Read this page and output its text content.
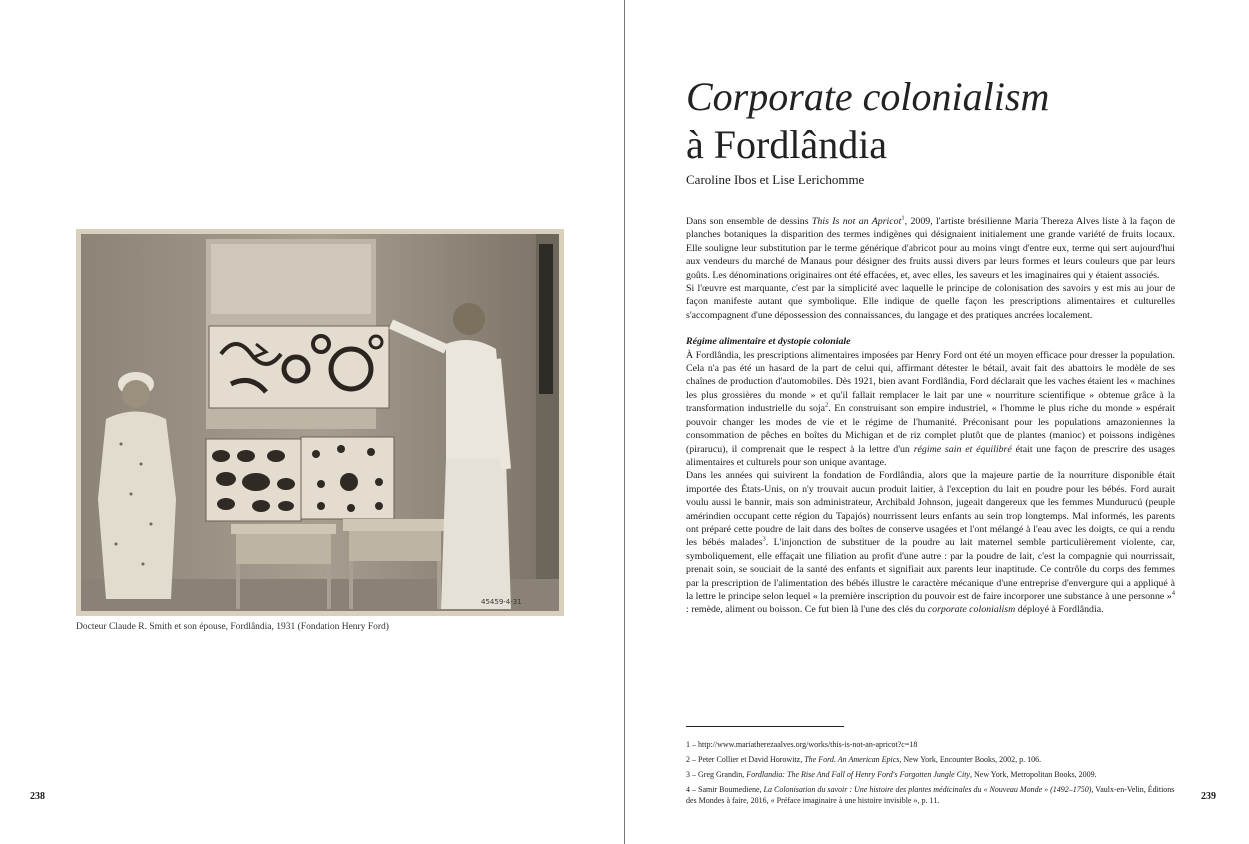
45459-4-31
Docteur Claude R. Smith et son épouse, Fordlândia, 1931 (Fondation Henry Ford)
238
Corporate colonialism
à Fordlândia
Caroline Ibos et Lise Lerichomme

Dans son ensemble de dessins This Is not an Apricot$^1$, 2009, l'artiste brésilienne Maria Thereza Alves liste à la façon de planches botaniques la disparition des termes indigènes qui désignaient initialement une grande variété de fruits locaux. Elle souligne leur substitution par le terme générique d'abricot pour au moins vingt d'entre eux, terme qui sert aujourd'hui aux vendeurs du marché de Manaus pour désigner des fruits aussi divers par leurs formes et leurs couleurs que par leurs goûts. Les dénominations originaires ont été effacées, et, avec elles, les saveurs et les imaginaires qui y étaient associés.

Si l'œuvre est marquante, c'est par la simplicité avec laquelle le principe de colonisation des savoirs y est mis au jour de façon manifeste autant que symbolique. Elle indique de quelle façon les prescriptions alimentaires et culturelles s'accompagnent d'une dépossession des connaissances, du langage et des pratiques ancrées localement.

Régime alimentaire et dystopie coloniale

À Fordlândia, les prescriptions alimentaires imposées par Henry Ford ont été un moyen efficace pour dresser la population. Cela n'a pas été un hasard de la part de celui qui, affirmant détester le bétail, avait fait des abattoirs le modèle de ses chaînes de production d'automobiles. Dès 1921, bien avant Fordlândia, Ford déclarait que les vaches étaient les « machines les plus grossières du monde » et qu'il fallait remplacer le lait par une « nourriture scientifique » obtenue grâce à la transformation industrielle du soja$^2$. En construisant son empire industriel, « l'homme le plus riche du monde » espérait pouvoir changer les modes de vie et le régime de l'humanité. Préconisant pour les populations amazoniennes la consommation de pêches en boîtes du Michigan et de riz complet plutôt que de plantes (manioc) et poissons indigènes (pirarucu), il comprenait que le respect à la lettre d'un régime sain et équilibré était une façon de prescrire des usages alimentaires et culturels pour son unique avantage.

Dans les années qui suivirent la fondation de Fordlândia, alors que la majeure partie de la nourriture disponible était importée des États-Unis, on n'y trouvait aucun produit laitier, à l'exception du lait en poudre pour les bébés. Ford aurait voulu aussi le bannir, mais son administrateur, Archibald Johnson, jugeait dangereux que les femmes Mundurucú (peuple amérindien occupant cette région du Tapajós) nourrissent leurs enfants au sein trop longtemps. Mal informés, les parents ont préparé cette poudre de lait dans des boîtes de conserve usagées et l'ont mélangé à l'eau avec les doigts, ce qui a rendu les bébés malades$^3$. L'injonction de substituer de la poudre au lait maternel semble particulièrement violente, car, symboliquement, elle effaçait une filiation au profit d'une autre : par la poudre de lait, c'est la compagnie qui nourrissait, prenait soin, se souciait de la santé des enfants et signifiait aux parents leur inaptitude. Ce contrôle du corps des femmes par la prescription de l'alimentation des bébés illustre le caractère mécanique d'une entreprise d'envergure qui a appliqué à la lettre le principe selon lequel « la première inscription du pouvoir est de faire incorporer une substance à une personne »$^4$ : remède, aliment ou boisson. Ce fut bien là l'une des clés du corporate colonialism déployé à Fordlândia.

1 – http://www.mariatherezaalves.org/works/this-is-not-an-apricot?c=18

2 – Peter Collier et David Horowitz, The Ford. An American Epics, New York, Encounter Books, 2002, p. 106.

3 – Greg Grandin, Fordlandia: The Rise And Fall of Henry Ford's Forgotten Jungle City, New York, Metropolitan Books, 2009.

4 – Samir Boumediene, La Colonisation du savoir : Une histoire des plantes médicinales du « Nouveau Monde » (1492–1750), Vaulx-en-Velin, Éditions des Mondes à faire, 2016, « Préface imaginaire à une histoire invisible », p. 11.	239
